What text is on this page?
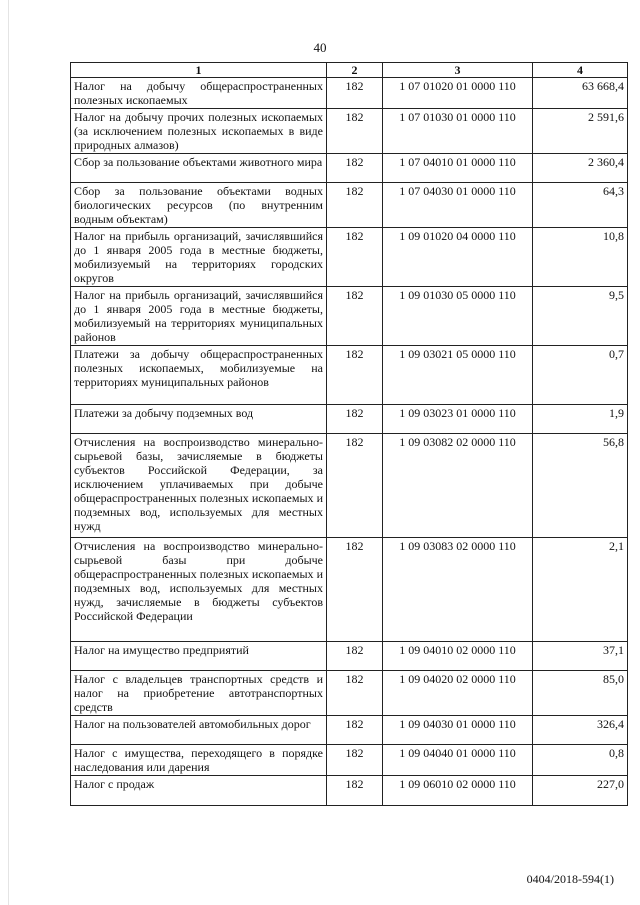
40
1	2	3	4
Налог на добычу общераспространенных полезных ископаемых	182	1 07 01020 01 0000 110	63 668,4
Налог на добычу прочих полезных ископаемых (за исключением полезных ископаемых в виде природных алмазов)	182	1 07 01030 01 0000 110	2 591,6
Сбор за пользование объектами животного мира	182	1 07 04010 01 0000 110	2 360,4
Сбор за пользование объектами водных биологических ресурсов (по внутренним водным объектам)	182	1 07 04030 01 0000 110	64,3
Налог на прибыль организаций, зачислявшийся до 1 января 2005 года в местные бюджеты, мобилизуемый на территориях городских округов	182	1 09 01020 04 0000 110	10,8
Налог на прибыль организаций, зачислявшийся до 1 января 2005 года в местные бюджеты, мобилизуемый на территориях муниципальных районов	182	1 09 01030 05 0000 110	9,5
Платежи за добычу общераспространенных полезных ископаемых, мобилизуемые на территориях муниципальных районов	182	1 09 03021 05 0000 110	0,7
Платежи за добычу подземных вод	182	1 09 03023 01 0000 110	1,9
Отчисления на воспроизводство минерально-сырьевой базы, зачисляемые в бюджеты субъектов Российской Федерации, за исключением уплачиваемых при добыче общераспространенных полезных ископаемых и подземных вод, используемых для местных нужд	182	1 09 03082 02 0000 110	56,8
Отчисления на воспроизводство минерально-сырьевой базы при добыче общераспространенных полезных ископаемых и подземных вод, используемых для местных нужд, зачисляемые в бюджеты субъектов Российской Федерации	182	1 09 03083 02 0000 110	2,1
Налог на имущество предприятий	182	1 09 04010 02 0000 110	37,1
Налог с владельцев транспортных средств и налог на приобретение автотранспортных средств	182	1 09 04020 02 0000 110	85,0
Налог на пользователей автомобильных дорог	182	1 09 04030 01 0000 110	326,4
Налог с имущества, переходящего в порядке наследования или дарения	182	1 09 04040 01 0000 110	0,8
Налог с продаж	182	1 09 06010 02 0000 110	227,0
0404/2018-594(1)
